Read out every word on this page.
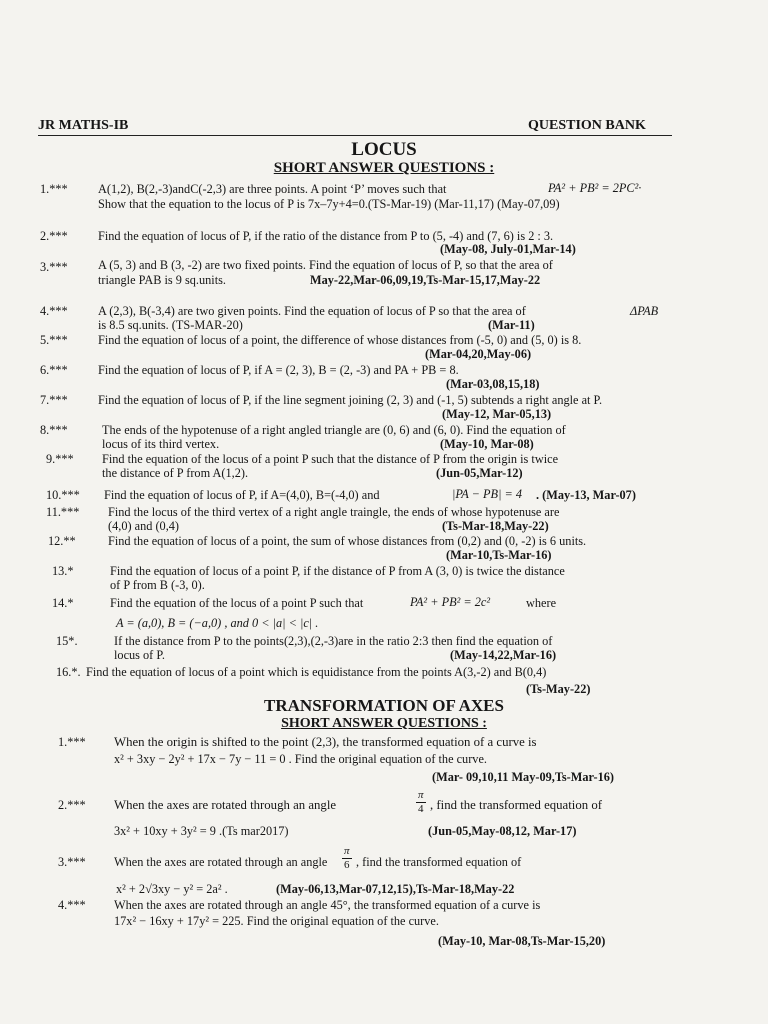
JR MATHS-IB	QUESTION BANK
LOCUS
SHORT ANSWER QUESTIONS :
1.*** A(1,2), B(2,-3)andC(-2,3) are three points. A point ‘P’ moves such that	PA² + PB² = 2PC²·
Show that the equation to the locus of P is 7x–7y+4=0.(TS-Mar-19) (Mar-11,17) (May-07,09)
2.*** Find the equation of locus of P, if the ratio of the distance from P to (5, -4) and (7, 6) is 2 : 3.
(May-08, July-01,Mar-14)
3.*** A (5, 3) and B (3, -2) are two fixed points. Find the equation of locus of P, so that the area of
triangle PAB is 9 sq.units.	May-22,Mar-06,09,19,Ts-Mar-15,17,May-22
4.*** A (2,3), B(-3,4) are two given points. Find the equation of locus of P so that the area of	ΔPAB
is 8.5 sq.units. (TS-MAR-20)	(Mar-11)
5.*** Find the equation of locus of a point, the difference of whose distances from (-5, 0) and (5, 0) is 8.
(Mar-04,20,May-06)
6.*** Find the equation of locus of P, if A = (2, 3), B = (2, -3) and PA + PB = 8.
(Mar-03,08,15,18)
7.*** Find the equation of locus of P, if the line segment joining (2, 3) and (-1, 5) subtends a right angle at P.
(May-12, Mar-05,13)
8.***	The ends of the hypotenuse of a right angled triangle are (0, 6) and (6, 0). Find the equation of
locus of its third vertex.	(May-10, Mar-08)
9.*** Find the equation of the locus of a point P such that the distance of P from the origin is twice
the distance of P from A(1,2).	(Jun-05,Mar-12)
10.*** Find the equation of locus of P, if A=(4,0), B=(-4,0) and	|PA − PB| = 4 . (May-13, Mar-07)
11.*** Find the locus of the third vertex of a right angle traingle, the ends of whose hypotenuse are
(4,0) and (0,4)	(Ts-Mar-18,May-22)
12.**	Find the equation of locus of a point, the sum of whose distances from (0,2) and (0, -2) is 6 units.
(Mar-10,Ts-Mar-16)
13.*	Find the equation of locus of a point P, if the distance of P from A (3, 0) is twice the distance
of P from B (-3, 0).
14.*	Find the equation of the locus of a point P such that	PA² + PB² = 2c²	where
A = (a,0), B = (−a,0) , and 0 < |a| < |c| .
15*.	If the distance from P to the points(2,3),(2,-3)are in the ratio 2:3 then find the equation of
locus of P.	(May-14,22,Mar-16)
16.*. Find the equation of locus of a point which is equidistance from the points A(3,-2) and B(0,4)
(Ts-May-22)
TRANSFORMATION OF AXES
SHORT ANSWER QUESTIONS :
1.*** When the origin is shifted to the point (2,3), the transformed equation of a curve is
x² + 3xy − 2y² + 17x − 7y − 11 = 0 . Find the original equation of the curve.
(Mar- 09,10,11 May-09,Ts-Mar-16)
2.*** When the axes are rotated through an angle
π
4 , find the transformed equation of
3x² + 10xy + 3y² = 9 .(Ts mar2017)	(Jun-05,May-08,12, Mar-17)
3.*** When the axes are rotated through an angle
π
6 , find the transformed equation of
x² + 2√3xy − y² = 2a² .	(May-06,13,Mar-07,12,15),Ts-Mar-18,May-22
4.*** When the axes are rotated through an angle 45°, the transformed equation of a curve is
17x² − 16xy + 17y² = 225. Find the original equation of the curve.
(May-10, Mar-08,Ts-Mar-15,20)
